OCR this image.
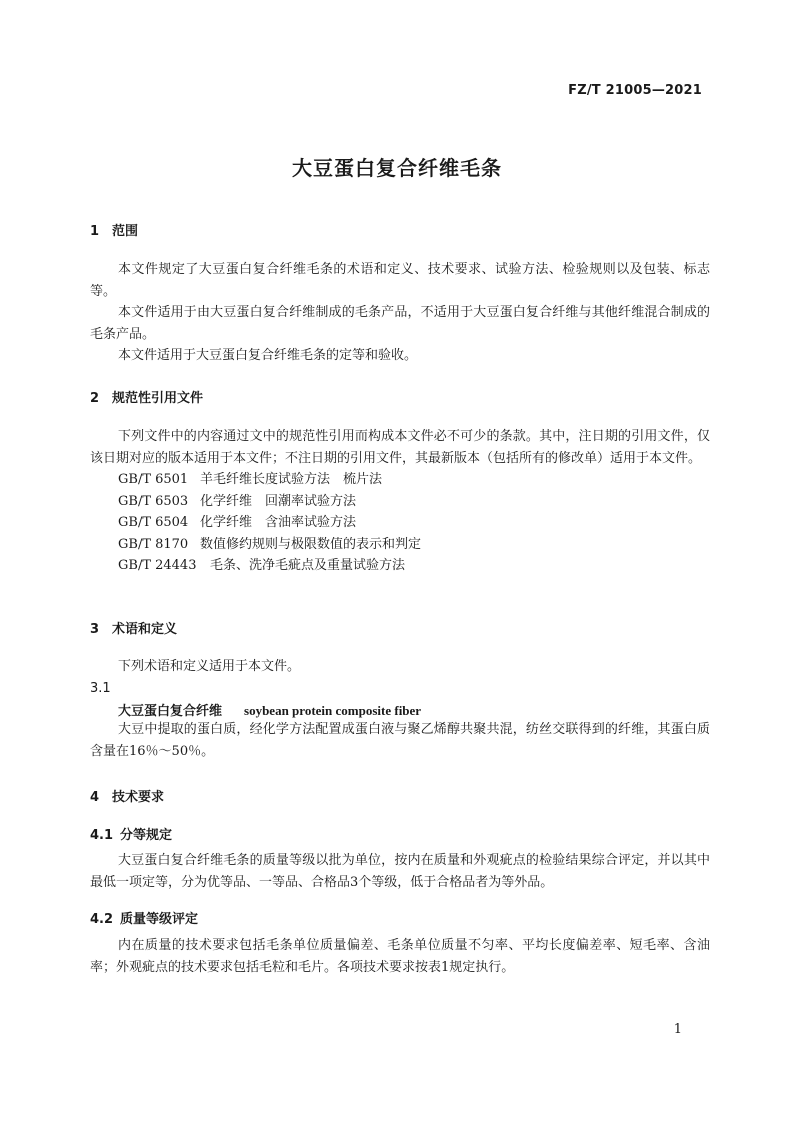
FZ/T 21005—2021
大豆蛋白复合纤维毛条
1 范围

本文件规定了大豆蛋白复合纤维毛条的术语和定义、技术要求、试验方法、检验规则以及包装、标志等。

本文件适用于由大豆蛋白复合纤维制成的毛条产品，不适用于大豆蛋白复合纤维与其他纤维混合制成的毛条产品。

本文件适用于大豆蛋白复合纤维毛条的定等和验收。

2 规范性引用文件

下列文件中的内容通过文中的规范性引用而构成本文件必不可少的条款。其中，注日期的引用文件，仅该日期对应的版本适用于本文件；不注日期的引用文件，其最新版本（包括所有的修改单）适用于本文件。

GB/T 6501 羊毛纤维长度试验方法　梳片法

GB/T 6503 化学纤维　回潮率试验方法

GB/T 6504 化学纤维　含油率试验方法

GB/T 8170 数值修约规则与极限数值的表示和判定

GB/T 24443 毛条、洗净毛疵点及重量试验方法

3 术语和定义

下列术语和定义适用于本文件。

3.1
大豆蛋白复合纤维 soybean protein composite fiber

大豆中提取的蛋白质，经化学方法配置成蛋白液与聚乙烯醇共聚共混，纺丝交联得到的纤维，其蛋白质含量在16％～50％。

4 技术要求
4.1 分等规定

大豆蛋白复合纤维毛条的质量等级以批为单位，按内在质量和外观疵点的检验结果综合评定，并以其中最低一项定等，分为优等品、一等品、合格品3个等级，低于合格品者为等外品。

4.2 质量等级评定

内在质量的技术要求包括毛条单位质量偏差、毛条单位质量不匀率、平均长度偏差率、短毛率、含油率；外观疵点的技术要求包括毛粒和毛片。各项技术要求按表1规定执行。

1
